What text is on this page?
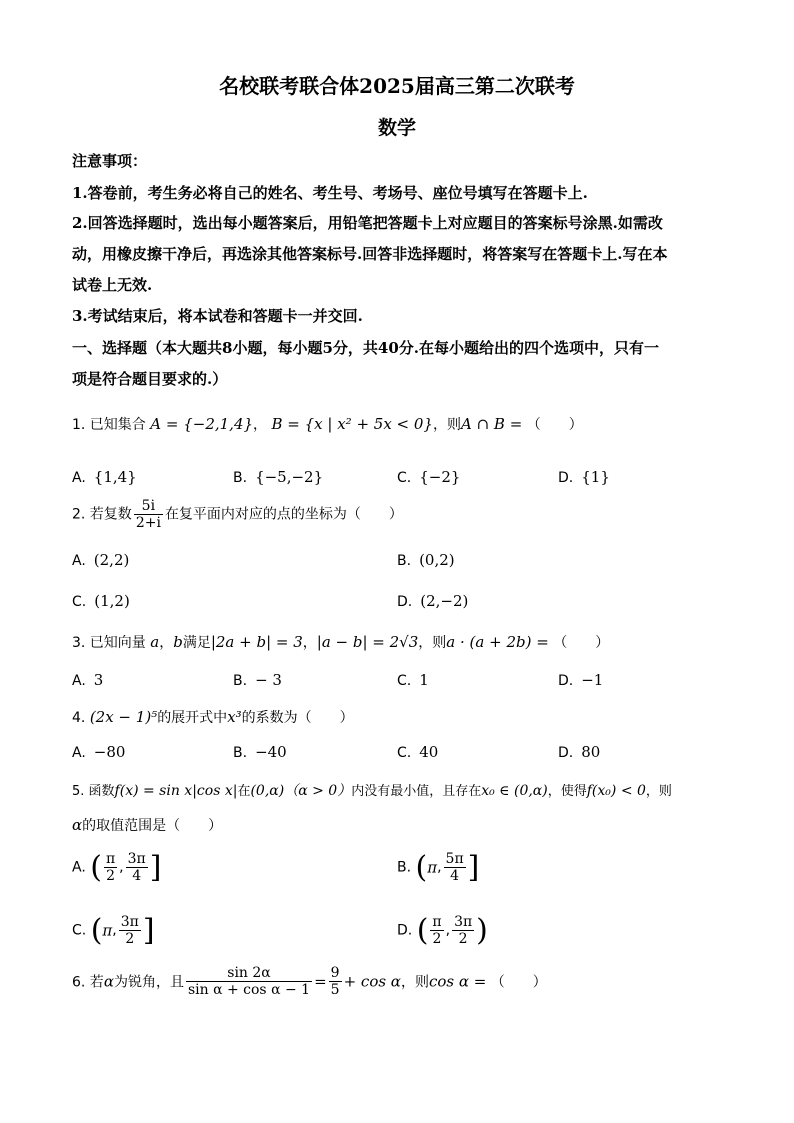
名校联考联合体2025届高三第二次联考
数学
注意事项：
1.答卷前，考生务必将自己的姓名、考生号、考场号、座位号填写在答题卡上.
2.回答选择题时，选出每小题答案后，用铅笔把答题卡上对应题目的答案标号涂黑.如需改
动，用橡皮擦干净后，再选涂其他答案标号.回答非选择题时，将答案写在答题卡上.写在本
试卷上无效.
3.考试结束后，将本试卷和答题卡一并交回.
一、选择题（本大题共8小题，每小题5分，共40分.在每小题给出的四个选项中，只有一
项是符合题目要求的.）
1. 已知集合 A = {−2,1,4}， B = {x | x² + 5x < 0}，则A ∩ B = （　　）
A. {1,4}	B. {−5,−2}	C. {−2}	D. {1}
2. 若复数 $\frac{5i}{2+i}$ 在复平面内对应的点的坐标为（　　）
A. (2,2)	B. (0,2)
C. (1,2)	D. (2,−2)
3. 已知向量 a，b满足|2a + b| = 3，|a − b| = 2√3，则a · (a + 2b) = （　　）
A. 3	B. − 3	C. 1	D. −1
4. (2x − 1)⁵的展开式中x³的系数为（　　）
A. −80	B. −40	C. 40	D. 80
5. 函数f(x) = sin x|cos x|在(0,α)（α > 0）内没有最小值，且存在x₀ ∈ (0,α)，使得f(x₀) < 0，则
α的取值范围是（　　）
A. ( $\frac{\pi}{2}$ , $\frac{3\pi}{4}$ ]	B. (π, $\frac{5\pi}{4}$ ]
C. (π, $\frac{3\pi}{2}$ ]	D. ( $\frac{\pi}{2}$ , $\frac{3\pi}{2}$ )
6. 若α为锐角，且 $\frac{\sin 2\alpha}{\text{sin α + cos α − 1}} = \frac{9}{5} + \cos \alpha$，则cos α = （　　）
